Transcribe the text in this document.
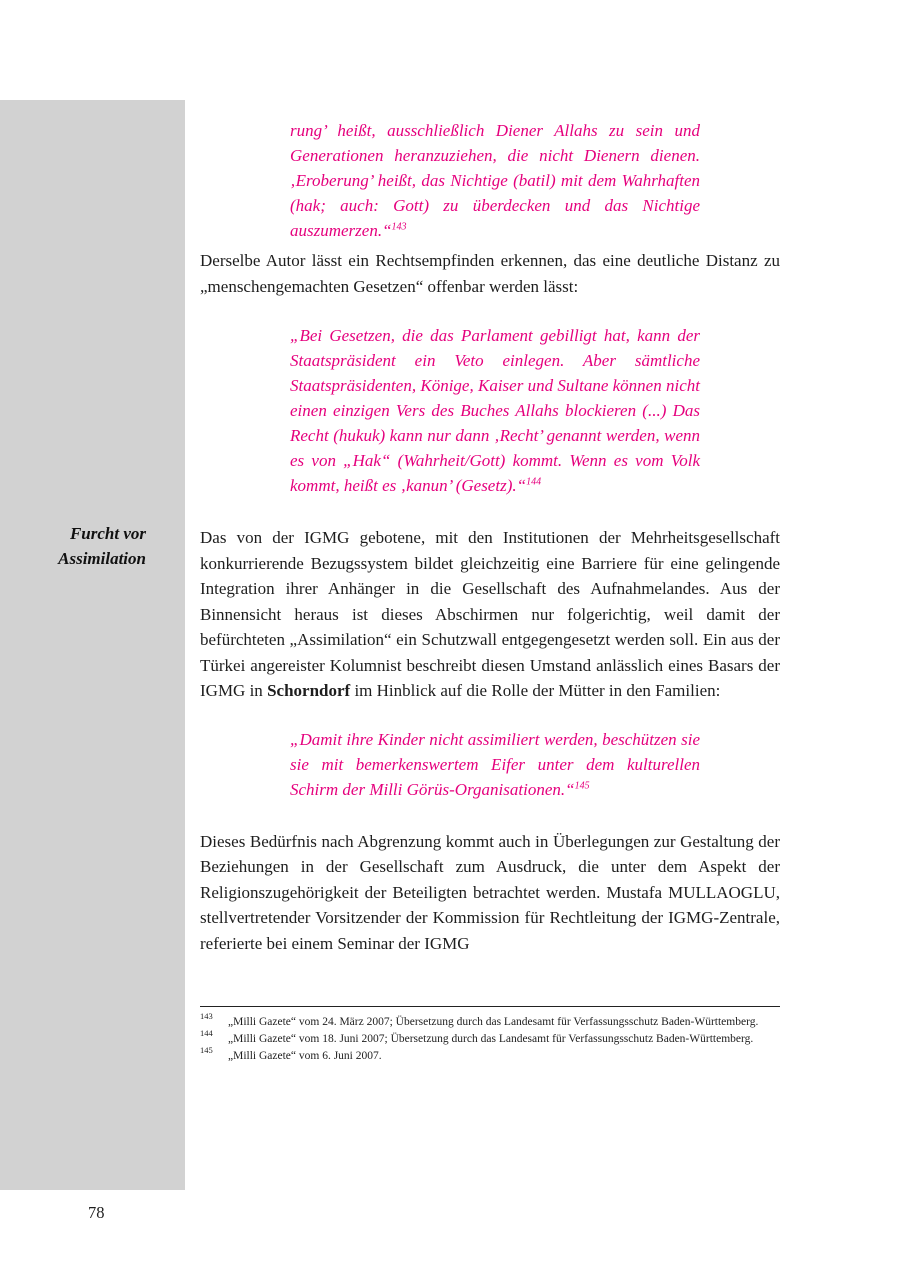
Furcht vor
Assimilation

rung’ heißt, ausschließlich Diener Allahs zu sein und Generationen heranzuziehen, die nicht Dienern dienen. ‚Eroberung’ heißt, das Nichtige (batil) mit dem Wahrhaften (hak; auch: Gott) zu überdecken und das Nichtige auszumerzen.“$^{143}$

Derselbe Autor lässt ein Rechtsempfinden erkennen, das eine deutliche Distanz zu „menschengemachten Gesetzen“ offenbar werden lässt:

„Bei Gesetzen, die das Parlament gebilligt hat, kann der Staatspräsident ein Veto einlegen. Aber sämtliche Staatspräsidenten, Könige, Kaiser und Sultane können nicht einen einzigen Vers des Buches Allahs blockieren (...) Das Recht (hukuk) kann nur dann ‚Recht’ genannt werden, wenn es von „Hak“ (Wahrheit/Gott) kommt. Wenn es vom Volk kommt, heißt es ‚kanun’ (Gesetz).“$^{144}$

Das von der IGMG gebotene, mit den Institutionen der Mehrheitsgesellschaft konkurrierende Bezugssystem bildet gleichzeitig eine Barriere für eine gelingende Integration ihrer Anhänger in die Gesellschaft des Aufnahmelandes. Aus der Binnensicht heraus ist dieses Abschirmen nur folgerichtig, weil damit der befürchteten „Assimilation“ ein Schutzwall entgegengesetzt werden soll. Ein aus der Türkei angereister Kolumnist beschreibt diesen Umstand anlässlich eines Basars der IGMG in Schorndorf im Hinblick auf die Rolle der Mütter in den Familien:

„Damit ihre Kinder nicht assimiliert werden, beschützen sie sie mit bemerkenswertem Eifer unter dem kulturellen Schirm der Milli Görüs-Organisationen.“$^{145}$

Dieses Bedürfnis nach Abgrenzung kommt auch in Überlegungen zur Gestaltung der Beziehungen in der Gesellschaft zum Ausdruck, die unter dem Aspekt der Religionszugehörigkeit der Beteiligten betrachtet werden. Mustafa MULLAOGLU, stellvertretender Vorsitzender der Kommission für Rechtleitung der IGMG-Zentrale, referierte bei einem Seminar der IGMG

143	„Milli Gazete“ vom 24. März 2007; Übersetzung durch das Landesamt für Verfassungsschutz Baden-Württemberg.
144	„Milli Gazete“ vom 18. Juni 2007; Übersetzung durch das Landesamt für Verfassungsschutz Baden-Württemberg.
145	„Milli Gazete“ vom 6. Juni 2007.
78
